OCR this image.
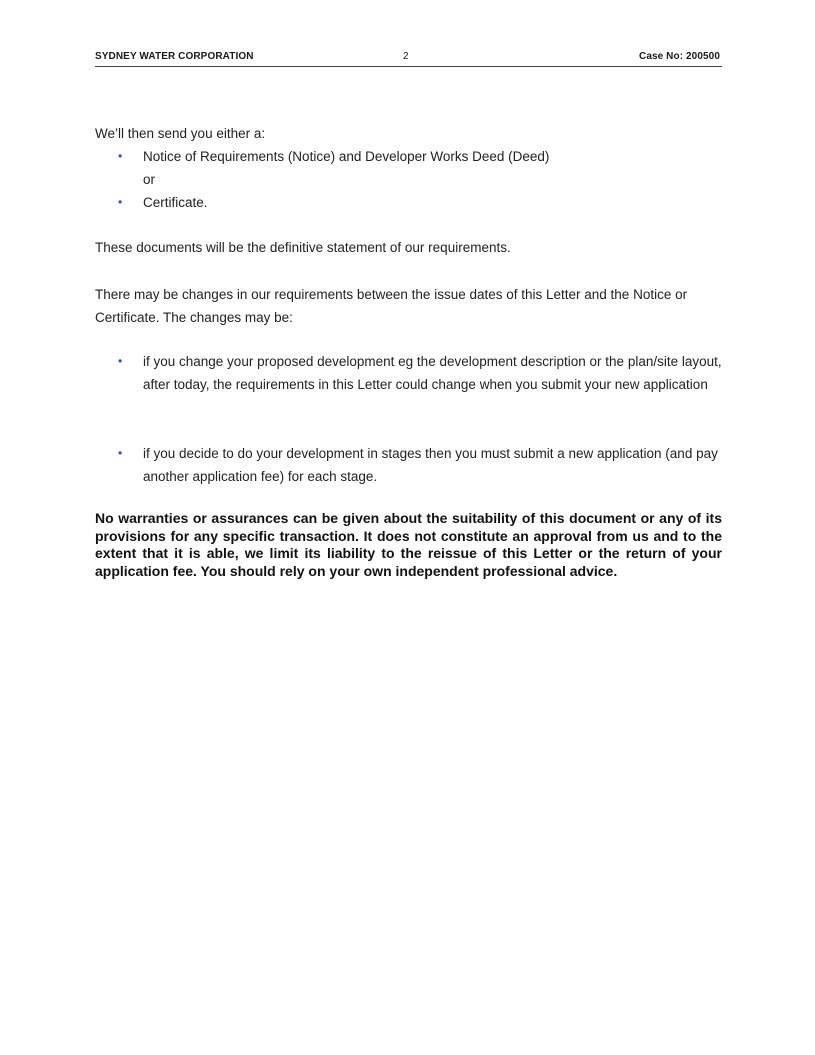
SYDNEY WATER CORPORATION	2	Case No: 200500
We’ll then send you either a:
• Notice of Requirements (Notice) and Developer Works Deed (Deed)
or
• Certificate.
These documents will be the definitive statement of our requirements.
There may be changes in our requirements between the issue dates of this Letter and the Notice or Certificate. The changes may be:
• if you change your proposed development eg the development description or the plan/site layout, after today, the requirements in this Letter could change when you submit your new application
• if you decide to do your development in stages then you must submit a new application (and pay another application fee) for each stage.
No warranties or assurances can be given about the suitability of this document or any of its provisions for any specific transaction. It does not constitute an approval from us and to the extent that it is able, we limit its liability to the reissue of this Letter or the return of your application fee. You should rely on your own independent professional advice.
